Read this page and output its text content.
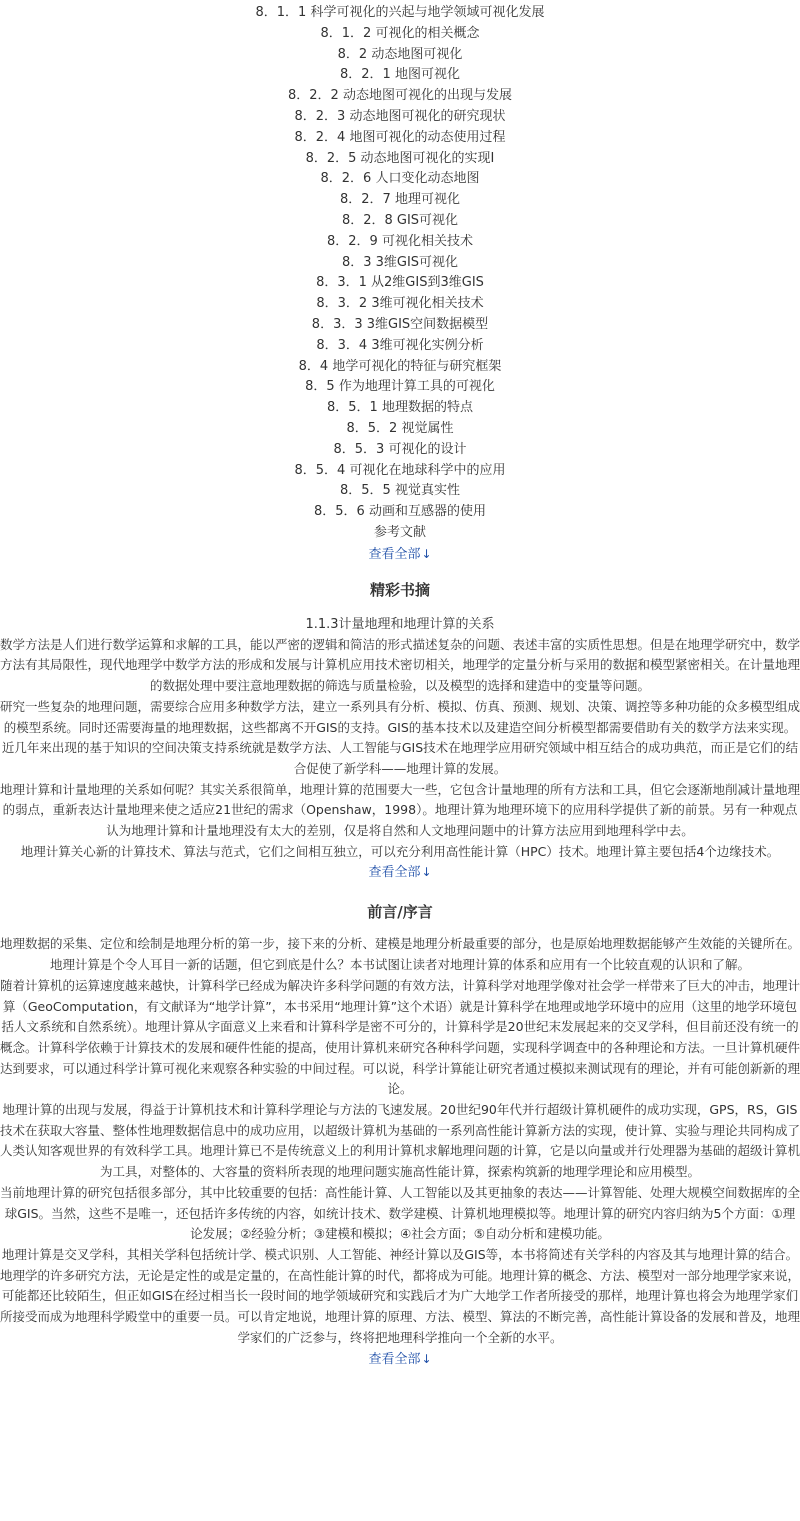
8．1．1 科学可视化的兴起与地学领域可视化发展
8．1．2 可视化的相关概念
8．2 动态地图可视化
8．2．1 地图可视化
8．2．2 动态地图可视化的出现与发展
8．2．3 动态地图可视化的研究现状
8．2．4 地图可视化的动态使用过程
8．2．5 动态地图可视化的实现I
8．2．6 人口变化动态地图
8．2．7 地理可视化
8．2．8 GIS可视化
8．2．9 可视化相关技术
8．3 3维GIS可视化
8．3．1 从2维GIS到3维GIS
8．3．2 3维可视化相关技术
8．3．3 3维GIS空间数据模型
8．3．4 3维可视化实例分析
8．4 地学可视化的特征与研究框架
8．5 作为地理计算工具的可视化
8．5．1 地理数据的特点
8．5．2 视觉属性
8．5．3 可视化的设计
8．5．4 可视化在地球科学中的应用
8．5．5 视觉真实性
8．5．6 动画和互感器的使用
参考文献
查看全部↓
精彩书摘
1.1.3计量地理和地理计算的关系

数学方法是人们进行数学运算和求解的工具，能以严密的逻辑和简洁的形式描述复杂的问题、表述丰富的实质性思想。但是在地理学研究中，数学方法有其局限性，现代地理学中数学方法的形成和发展与计算机应用技术密切相关，地理学的定量分析与采用的数据和模型紧密相关。在计量地理的数据处理中要注意地理数据的筛选与质量检验，以及模型的选择和建造中的变量等问题。

研究一些复杂的地理问题，需要综合应用多种数学方法，建立一系列具有分析、模拟、仿真、预测、规划、决策、调控等多种功能的众多模型组成的模型系统。同时还需要海量的地理数据，这些都离不开GIS的支持。GIS的基本技术以及建造空间分析模型都需要借助有关的数学方法来实现。近几年来出现的基于知识的空间决策支持系统就是数学方法、人工智能与GIS技术在地理学应用研究领域中相互结合的成功典范，而正是它们的结合促使了新学科——地理计算的发展。

地理计算和计量地理的关系如何呢？其实关系很简单，地理计算的范围要大一些，它包含计量地理的所有方法和工具，但它会逐渐地削减计量地理的弱点，重新表达计量地理来使之适应21世纪的需求（Openshaw，1998）。地理计算为地理环境下的应用科学提供了新的前景。另有一种观点认为地理计算和计量地理没有太大的差别，仅是将自然和人文地理问题中的计算方法应用到地理科学中去。

地理计算关心新的计算技术、算法与范式，它们之间相互独立，可以充分利用高性能计算（HPC）技术。地理计算主要包括4个边缘技术。

查看全部↓
前言/序言

地理数据的采集、定位和绘制是地理分析的第一步，接下来的分析、建模是地理分析最重要的部分，也是原始地理数据能够产生效能的关键所在。地理计算是个令人耳目一新的话题，但它到底是什么？本书试图让读者对地理计算的体系和应用有一个比较直观的认识和了解。

随着计算机的运算速度越来越快，计算科学已经成为解决许多科学问题的有效方法，计算科学对地理学像对社会学一样带来了巨大的冲击，地理计算（GeoComputation，有文献译为“地学计算”，本书采用“地理计算”这个术语）就是计算科学在地理或地学环境中的应用（这里的地学环境包括人文系统和自然系统）。地理计算从字面意义上来看和计算科学是密不可分的，计算科学是20世纪末发展起来的交叉学科，但目前还没有统一的概念。计算科学依赖于计算技术的发展和硬件性能的提高，使用计算机来研究各种科学问题，实现科学调查中的各种理论和方法。一旦计算机硬件达到要求，可以通过科学计算可视化来观察各种实验的中间过程。可以说，科学计算能让研究者通过模拟来测试现有的理论，并有可能创新新的理论。

地理计算的出现与发展，得益于计算机技术和计算科学理论与方法的飞速发展。20世纪90年代并行超级计算机硬件的成功实现，GPS，RS，GIS技术在获取大容量、整体性地理数据信息中的成功应用，以超级计算机为基础的一系列高性能计算新方法的实现，使计算、实验与理论共同构成了人类认知客观世界的有效科学工具。地理计算已不是传统意义上的利用计算机求解地理问题的计算，它是以向量或并行处理器为基础的超级计算机为工具，对整体的、大容量的资料所表现的地理问题实施高性能计算，探索构筑新的地理学理论和应用模型。

当前地理计算的研究包括很多部分，其中比较重要的包括：高性能计算、人工智能以及其更抽象的表达——计算智能、处理大规模空间数据库的全球GIS。当然，这些不是唯一，还包括许多传统的内容，如统计技术、数学建模、计算机地理模拟等。地理计算的研究内容归纳为5个方面：①理论发展；②经验分析；③建模和模拟；④社会方面；⑤自动分析和建模功能。

地理计算是交叉学科，其相关学科包括统计学、模式识别、人工智能、神经计算以及GIS等，本书将简述有关学科的内容及其与地理计算的结合。

地理学的许多研究方法，无论是定性的或是定量的，在高性能计算的时代，都将成为可能。地理计算的概念、方法、模型对一部分地理学家来说，可能都还比较陌生，但正如GIS在经过相当长一段时间的地学领域研究和实践后才为广大地学工作者所接受的那样，地理计算也将会为地理学家们所接受而成为地理科学殿堂中的重要一员。可以肯定地说，地理计算的原理、方法、模型、算法的不断完善，高性能计算设备的发展和普及，地理学家们的广泛参与，终将把地理科学推向一个全新的水平。

查看全部↓
